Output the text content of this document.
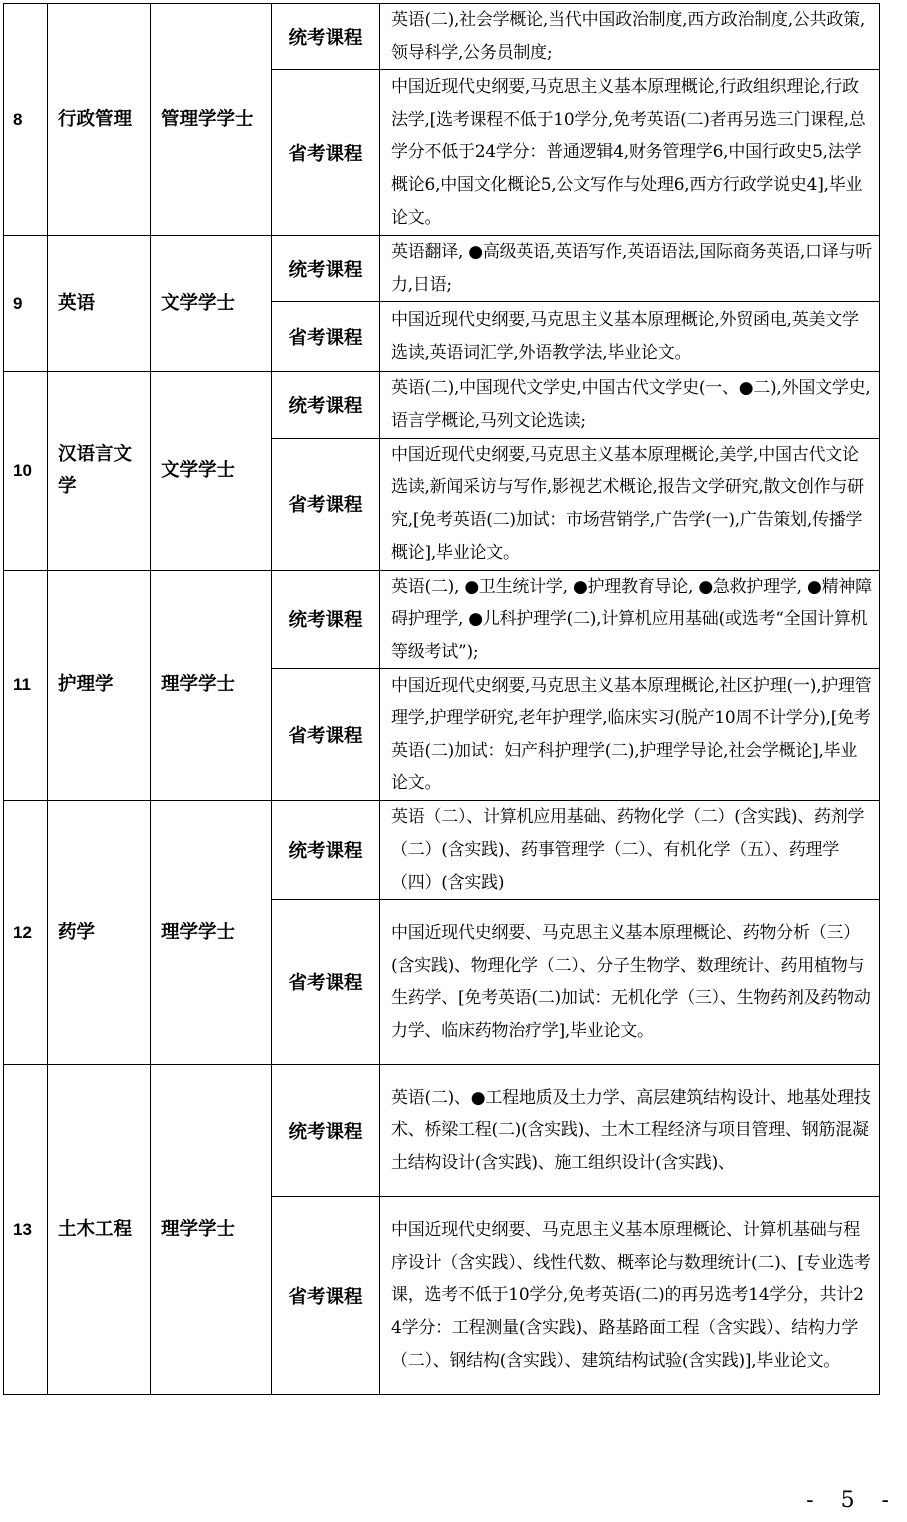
8	行政管理	管理学学士	统考课程	英语(二),社会学概论,当代中国政治制度,西方政治制度,公共政策,领导科学,公务员制度;

			省考课程	中国近现代史纲要,马克思主义基本原理概论,行政组织理论,行政法学,[选考课程不低于10学分,免考英语(二)者再另选三门课程,总学分不低于24学分：普通逻辑4,财务管理学6,中国行政史5,法学概论6,中国文化概论5,公文写作与处理6,西方行政学说史4],毕业论文。

9	英语	文学学士	统考课程	英语翻译, ●高级英语,英语写作,英语语法,国际商务英语,口译与听力,日语;

			省考课程	中国近现代史纲要,马克思主义基本原理概论,外贸函电,英美文学选读,英语词汇学,外语教学法,毕业论文。

10	汉语言文学	文学学士	统考课程	英语(二),中国现代文学史,中国古代文学史(一、●二),外国文学史,语言学概论,马列文论选读;

			省考课程	中国近现代史纲要,马克思主义基本原理概论,美学,中国古代文论选读,新闻采访与写作,影视艺术概论,报告文学研究,散文创作与研究,[免考英语(二)加试：市场营销学,广告学(一),广告策划,传播学概论],毕业论文。

11	护理学	理学学士	统考课程	英语(二), ●卫生统计学, ●护理教育导论, ●急救护理学, ●精神障碍护理学, ●儿科护理学(二),计算机应用基础(或选考“全国计算机等级考试”);

			省考课程	中国近现代史纲要,马克思主义基本原理概论,社区护理(一),护理管理学,护理学研究,老年护理学,临床实习(脱产10周不计学分),[免考英语(二)加试：妇产科护理学(二),护理学导论,社会学概论],毕业论文。

12	药学	理学学士	统考课程	英语（二）、计算机应用基础、药物化学（二）(含实践)、药剂学（二）(含实践)、药事管理学（二）、有机化学（五）、药理学（四）(含实践)

			省考课程	中国近现代史纲要、马克思主义基本原理概论、药物分析（三）(含实践)、物理化学（二）、分子生物学、数理统计、药用植物与生药学、[免考英语(二)加试：无机化学（三）、生物药剂及药物动力学、临床药物治疗学],毕业论文。

13	土木工程	理学学士	统考课程	英语(二)、●工程地质及土力学、高层建筑结构设计、地基处理技术、桥梁工程(二)(含实践)、土木工程经济与项目管理、钢筋混凝土结构设计(含实践)、施工组织设计(含实践)、

			省考课程	中国近现代史纲要、马克思主义基本原理概论、计算机基础与程序设计（含实践）、线性代数、概率论与数理统计(二)、[专业选考课，选考不低于10学分,免考英语(二)的再另选考14学分，共计24学分：工程测量(含实践)、路基路面工程（含实践）、结构力学（二）、钢结构(含实践）、建筑结构试验(含实践)],毕业论文。
- 5 -
